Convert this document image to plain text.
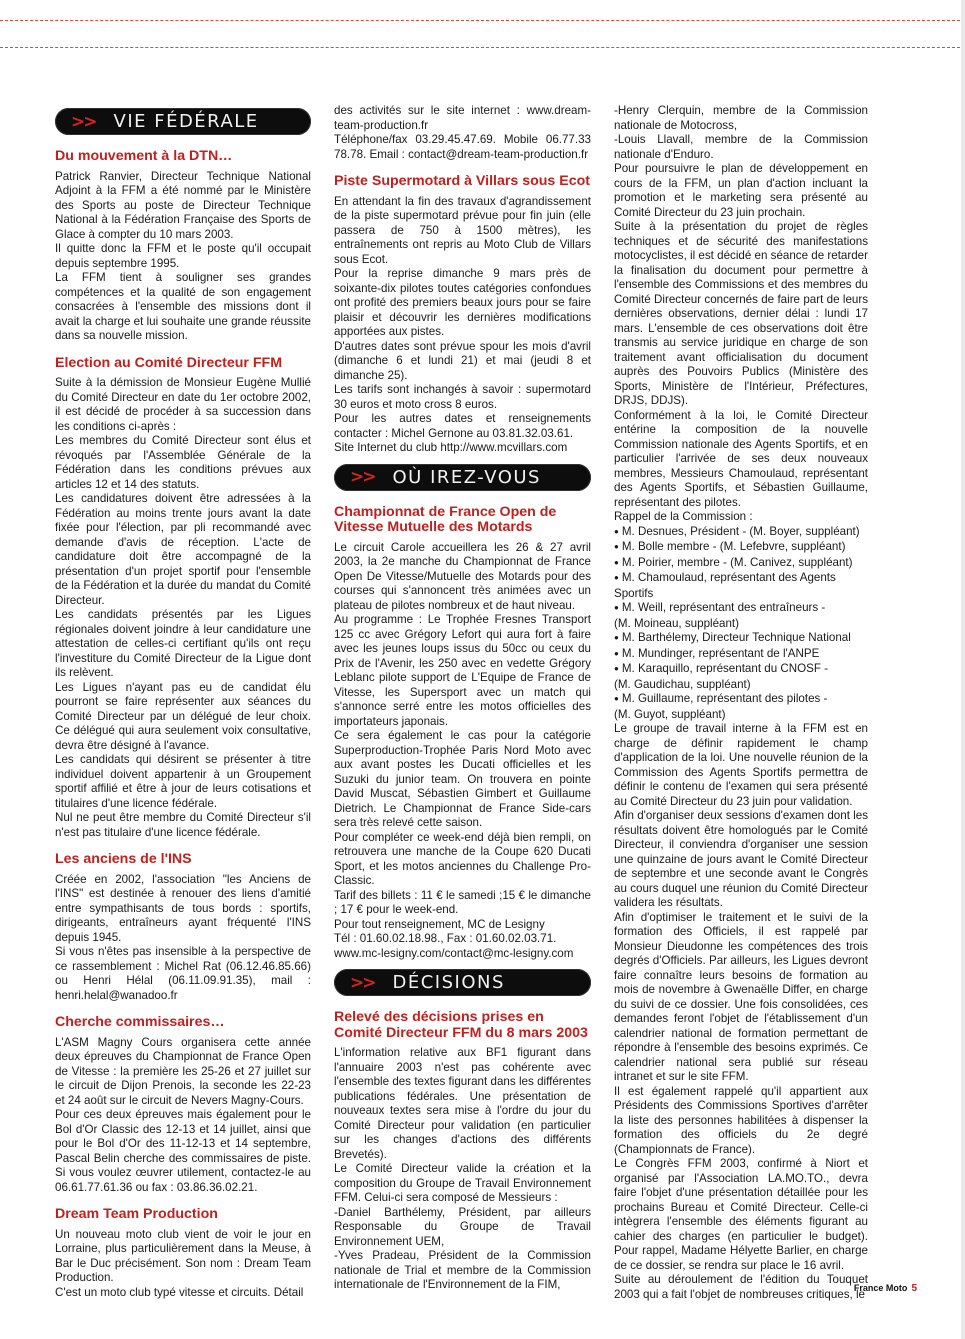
>> VIE FÉDÉRALE
Du mouvement à la DTN…

Patrick Ranvier, Directeur Technique National Adjoint à la FFM a été nommé par le Ministère des Sports au poste de Directeur Technique National à la Fédération Française des Sports de Glace à compter du 10 mars 2003.

Il quitte donc la FFM et le poste qu'il occupait depuis septembre 1995.

La FFM tient à souligner ses grandes compétences et la qualité de son engagement consacrées à l'ensemble des missions dont il avait la charge et lui souhaite une grande réussite dans sa nouvelle mission.

Election au Comité Directeur FFM

Suite à la démission de Monsieur Eugène Mullié du Comité Directeur en date du 1er octobre 2002, il est décidé de procéder à sa succession dans les conditions ci-après :

Les membres du Comité Directeur sont élus et révoqués par l'Assemblée Générale de la Fédération dans les conditions prévues aux articles 12 et 14 des statuts.

Les candidatures doivent être adressées à la Fédération au moins trente jours avant la date fixée pour l'élection, par pli recommandé avec demande d'avis de réception. L'acte de candidature doit être accompagné de la présentation d'un projet sportif pour l'ensemble de la Fédération et la durée du mandat du Comité Directeur.

Les candidats présentés par les Ligues régionales doivent joindre à leur candidature une attestation de celles-ci certifiant qu'ils ont reçu l'investiture du Comité Directeur de la Ligue dont ils relèvent.

Les Ligues n'ayant pas eu de candidat élu pourront se faire représenter aux séances du Comité Directeur par un délégué de leur choix. Ce délégué qui aura seulement voix consultative, devra être désigné à l'avance.

Les candidats qui désirent se présenter à titre individuel doivent appartenir à un Groupement sportif affilié et être à jour de leurs cotisations et titulaires d'une licence fédérale.

Nul ne peut être membre du Comité Directeur s'il n'est pas titulaire d'une licence fédérale.

Les anciens de l'INS

Créée en 2002, l'association "les Anciens de l'INS" est destinée à renouer des liens d'amitié entre sympathisants de tous bords : sportifs, dirigeants, entraîneurs ayant fréquenté l'INS depuis 1945.

Si vous n'êtes pas insensible à la perspective de ce rassemblement : Michel Rat (06.12.46.85.66) ou Henri Hélal (06.11.09.91.35), mail : henri.helal@wanadoo.fr

Cherche commissaires…

L'ASM Magny Cours organisera cette année deux épreuves du Championnat de France Open de Vitesse : la première les 25-26 et 27 juillet sur le circuit de Dijon Prenois, la seconde les 22-23 et 24 août sur le circuit de Nevers Magny-Cours.

Pour ces deux épreuves mais également pour le Bol d'Or Classic des 12-13 et 14 juillet, ainsi que pour le Bol d'Or des 11-12-13 et 14 septembre, Pascal Belin cherche des commissaires de piste. Si vous voulez œuvrer utilement, contactez-le au 06.61.77.61.36 ou fax : 03.86.36.02.21.

Dream Team Production

Un nouveau moto club vient de voir le jour en Lorraine, plus particulièrement dans la Meuse, à Bar le Duc précisément. Son nom : Dream Team Production.

C'est un moto club typé vitesse et circuits. Détail

des activités sur le site internet : www.dream-team-production.fr

Téléphone/fax 03.29.45.47.69. Mobile 06.77.33 78.78. Email : contact@dream-team-production.fr

Piste Supermotard à Villars sous Ecot

En attendant la fin des travaux d'agrandissement de la piste supermotard prévue pour fin juin (elle passera de 750 à 1500 mètres), les entraînements ont repris au Moto Club de Villars sous Ecot.

Pour la reprise dimanche 9 mars près de soixante-dix pilotes toutes catégories confondues ont profité des premiers beaux jours pour se faire plaisir et découvrir les dernières modifications apportées aux pistes.

D'autres dates sont prévue spour les mois d'avril (dimanche 6 et lundi 21) et mai (jeudi 8 et dimanche 25).

Les tarifs sont inchangés à savoir : supermotard 30 euros et moto cross 8 euros.

Pour les autres dates et renseignements contacter : Michel Gernone au 03.81.32.03.61.

Site Internet du club http://www.mcvillars.com

>> OÙ IREZ-VOUS
Championnat de France Open de Vitesse Mutuelle des Motards

Le circuit Carole accueillera les 26 & 27 avril 2003, la 2e manche du Championnat de France Open De Vitesse/Mutuelle des Motards pour des courses qui s'annoncent très animées avec un plateau de pilotes nombreux et de haut niveau.

Au programme : Le Trophée Fresnes Transport 125 cc avec Grégory Lefort qui aura fort à faire avec les jeunes loups issus du 50cc ou ceux du Prix de l'Avenir, les 250 avec en vedette Grégory Leblanc pilote support de L'Equipe de France de Vitesse, les Supersport avec un match qui s'annonce serré entre les motos officielles des importateurs japonais.

Ce sera également le cas pour la catégorie Superproduction-Trophée Paris Nord Moto avec aux avant postes les Ducati officielles et les Suzuki du junior team. On trouvera en pointe David Muscat, Sébastien Gimbert et Guillaume Dietrich. Le Championnat de France Side-cars sera très relevé cette saison.

Pour compléter ce week-end déjà bien rempli, on retrouvera une manche de la Coupe 620 Ducati Sport, et les motos anciennes du Challenge Pro-Classic.

Tarif des billets : 11 € le samedi ;15 € le dimanche ; 17 € pour le week-end.

Pour tout renseignement, MC de Lesigny

Tél : 01.60.02.18.98., Fax : 01.60.02.03.71.

www.mc-lesigny.com/contact@mc-lesigny.com

>> DÉCISIONS
Relevé des décisions prises en Comité Directeur FFM du 8 mars 2003

L'information relative aux BF1 figurant dans l'annuaire 2003 n'est pas cohérente avec l'ensemble des textes figurant dans les différentes publications fédérales. Une présentation de nouveaux textes sera mise à l'ordre du jour du Comité Directeur pour validation (en particulier sur les changes d'actions des différents Brevetés).

Le Comité Directeur valide la création et la composition du Groupe de Travail Environnement FFM. Celui-ci sera composé de Messieurs :

-Daniel Barthélemy, Président, par ailleurs Responsable du Groupe de Travail Environnement UEM,

-Yves Pradeau, Président de la Commission nationale de Trial et membre de la Commission internationale de l'Environnement de la FIM,

-Henry Clerquin, membre de la Commission nationale de Motocross,

-Louis Llavall, membre de la Commission nationale d'Enduro.

Pour poursuivre le plan de développement en cours de la FFM, un plan d'action incluant la promotion et le marketing sera présenté au Comité Directeur du 23 juin prochain.

Suite à la présentation du projet de règles techniques et de sécurité des manifestations motocyclistes, il est décidé en séance de retarder la finalisation du document pour permettre à l'ensemble des Commissions et des membres du Comité Directeur concernés de faire part de leurs dernières observations, dernier délai : lundi 17 mars. L'ensemble de ces observations doit être transmis au service juridique en charge de son traitement avant officialisation du document auprès des Pouvoirs Publics (Ministère des Sports, Ministère de l'Intérieur, Préfectures, DRJS, DDJS).

Conformément à la loi, le Comité Directeur entérine la composition de la nouvelle Commission nationale des Agents Sportifs, et en particulier l'arrivée de ses deux nouveaux membres, Messieurs Chamoulaud, représentant des Agents Sportifs, et Sébastien Guillaume, représentant des pilotes.

Rappel de la Commission :

● M. Desnues, Président - (M. Boyer, suppléant)

● M. Bolle membre - (M. Lefebvre, suppléant)

● M. Poirier, membre - (M. Canivez, suppléant)

● M. Chamoulaud, représentant des Agents Sportifs

● M. Weill, représentant des entraîneurs -

(M. Moineau, suppléant)

● M. Barthélemy, Directeur Technique National

● M. Mundinger, représentant de l'ANPE

● M. Karaquillo, représentant du CNOSF -

(M. Gaudichau, suppléant)

● M. Guillaume, représentant des pilotes -

(M. Guyot, suppléant)

Le groupe de travail interne à la FFM est en charge de définir rapidement le champ d'application de la loi. Une nouvelle réunion de la Commission des Agents Sportifs permettra de définir le contenu de l'examen qui sera présenté au Comité Directeur du 23 juin pour validation.

Afin d'organiser deux sessions d'examen dont les résultats doivent être homologués par le Comité Directeur, il conviendra d'organiser une session une quinzaine de jours avant le Comité Directeur de septembre et une seconde avant le Congrès au cours duquel une réunion du Comité Directeur validera les résultats.

Afin d'optimiser le traitement et le suivi de la formation des Officiels, il est rappelé par Monsieur Dieudonne les compétences des trois degrés d'Officiels. Par ailleurs, les Ligues devront faire connaître leurs besoins de formation au mois de novembre à Gwenaëlle Differ, en charge du suivi de ce dossier. Une fois consolidées, ces demandes feront l'objet de l'établissement d'un calendrier national de formation permettant de répondre à l'ensemble des besoins exprimés. Ce calendrier national sera publié sur réseau intranet et sur le site FFM.

Il est également rappelé qu'il appartient aux Présidents des Commissions Sportives d'arrêter la liste des personnes habilitées à dispenser la formation des officiels du 2e degré (Championnats de France).

Le Congrès FFM 2003, confirmé à Niort et organisé par l'Association LA.MO.TO., devra faire l'objet d'une présentation détaillée pour les prochains Bureau et Comité Directeur. Celle-ci intègrera l'ensemble des éléments figurant au cahier des charges (en particulier le budget). Pour rappel, Madame Hélyette Barlier, en charge de ce dossier, se rendra sur place le 16 avril.

Suite au déroulement de l'édition du Touquet 2003 qui a fait l'objet de nombreuses critiques, le

France Moto 5
